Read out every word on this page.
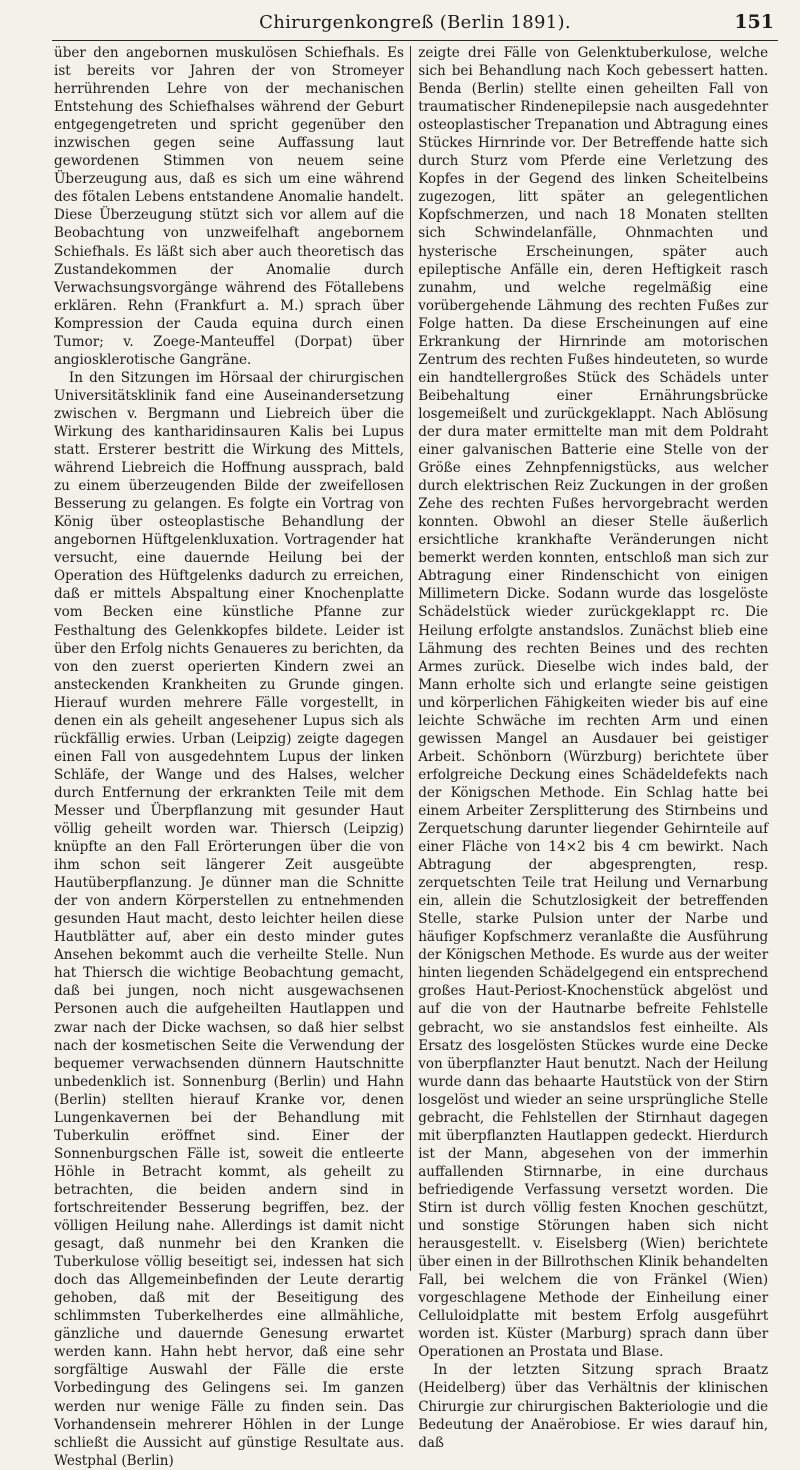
Chirurgenkongreß (Berlin 1891).	151

über den angebornen muskulösen Schiefhals. Es ist bereits vor Jahren der von Stromeyer herrührenden Lehre von der mechanischen Entstehung des Schiefhalses während der Geburt entgegengetreten und spricht gegenüber den inzwischen gegen seine Auffassung laut gewordenen Stimmen von neuem seine Überzeugung aus, daß es sich um eine während des fötalen Lebens entstandene Anomalie handelt. Diese Überzeugung stützt sich vor allem auf die Beobachtung von unzweifelhaft angebornem Schiefhals. Es läßt sich aber auch theoretisch das Zustandekommen der Anomalie durch Verwachsungsvorgänge während des Fötallebens erklären. Rehn (Frankfurt a. M.) sprach über Kompression der Cauda equina durch einen Tumor; v. Zoege-Manteuffel (Dorpat) über angiosklerotische Gangräne.

In den Sitzungen im Hörsaal der chirurgischen Universitätsklinik fand eine Auseinandersetzung zwischen v. Bergmann und Liebreich über die Wirkung des kantharidinsauren Kalis bei Lupus statt. Ersterer bestritt die Wirkung des Mittels, während Liebreich die Hoffnung aussprach, bald zu einem überzeugenden Bilde der zweifellosen Besserung zu gelangen. Es folgte ein Vortrag von König über osteoplastische Behandlung der angebornen Hüftgelenkluxation. Vortragender hat versucht, eine dauernde Heilung bei der Operation des Hüftgelenks dadurch zu erreichen, daß er mittels Abspaltung einer Knochenplatte vom Becken eine künstliche Pfanne zur Festhaltung des Gelenkkopfes bildete. Leider ist über den Erfolg nichts Genaueres zu berichten, da von den zuerst operierten Kindern zwei an ansteckenden Krankheiten zu Grunde gingen. Hierauf wurden mehrere Fälle vorgestellt, in denen ein als geheilt angesehener Lupus sich als rückfällig erwies. Urban (Leipzig) zeigte dagegen einen Fall von ausgedehntem Lupus der linken Schläfe, der Wange und des Halses, welcher durch Entfernung der erkrankten Teile mit dem Messer und Überpflanzung mit gesunder Haut völlig geheilt worden war. Thiersch (Leipzig) knüpfte an den Fall Erörterungen über die von ihm schon seit längerer Zeit ausgeübte Hautüberpflanzung. Je dünner man die Schnitte der von andern Körperstellen zu entnehmenden gesunden Haut macht, desto leichter heilen diese Hautblätter auf, aber ein desto minder gutes Ansehen bekommt auch die verheilte Stelle. Nun hat Thiersch die wichtige Beobachtung gemacht, daß bei jungen, noch nicht ausgewachsenen Personen auch die aufgeheilten Hautlappen und zwar nach der Dicke wachsen, so daß hier selbst nach der kosmetischen Seite die Verwendung der bequemer verwachsenden dünnern Hautschnitte unbedenklich ist. Sonnenburg (Berlin) und Hahn (Berlin) stellten hierauf Kranke vor, denen Lungenkavernen bei der Behandlung mit Tuberkulin eröffnet sind. Einer der Sonnenburgschen Fälle ist, soweit die entleerte Höhle in Betracht kommt, als geheilt zu betrachten, die beiden andern sind in fortschreitender Besserung begriffen, bez. der völligen Heilung nahe. Allerdings ist damit nicht gesagt, daß nunmehr bei den Kranken die Tuberkulose völlig beseitigt sei, indessen hat sich doch das Allgemeinbefinden der Leute derartig gehoben, daß mit der Beseitigung des schlimmsten Tuberkelherdes eine allmähliche, gänzliche und dauernde Genesung erwartet werden kann. Hahn hebt hervor, daß eine sehr sorgfältige Auswahl der Fälle die erste Vorbedingung des Gelingens sei. Im ganzen werden nur wenige Fälle zu finden sein. Das Vorhandensein mehrerer Höhlen in der Lunge schließt die Aussicht auf günstige Resultate aus. Westphal (Berlin)

zeigte drei Fälle von Gelenktuberkulose, welche sich bei Behandlung nach Koch gebessert hatten. Benda (Berlin) stellte einen geheilten Fall von traumatischer Rindenepilepsie nach ausgedehnter osteoplastischer Trepanation und Abtragung eines Stückes Hirnrinde vor. Der Betreffende hatte sich durch Sturz vom Pferde eine Verletzung des Kopfes in der Gegend des linken Scheitelbeins zugezogen, litt später an gelegentlichen Kopfschmerzen, und nach 18 Monaten stellten sich Schwindelanfälle, Ohnmachten und hysterische Erscheinungen, später auch epileptische Anfälle ein, deren Heftigkeit rasch zunahm, und welche regelmäßig eine vorübergehende Lähmung des rechten Fußes zur Folge hatten. Da diese Erscheinungen auf eine Erkrankung der Hirnrinde am motorischen Zentrum des rechten Fußes hindeuteten, so wurde ein handtellergroßes Stück des Schädels unter Beibehaltung einer Ernährungsbrücke losgemeißelt und zurückgeklappt. Nach Ablösung der dura mater ermittelte man mit dem Poldraht einer galvanischen Batterie eine Stelle von der Größe eines Zehnpfennigstücks, aus welcher durch elektrischen Reiz Zuckungen in der großen Zehe des rechten Fußes hervorgebracht werden konnten. Obwohl an dieser Stelle äußerlich ersichtliche krankhafte Veränderungen nicht bemerkt werden konnten, entschloß man sich zur Abtragung einer Rindenschicht von einigen Millimetern Dicke. Sodann wurde das losgelöste Schädelstück wieder zurückgeklappt rc. Die Heilung erfolgte anstandslos. Zunächst blieb eine Lähmung des rechten Beines und des rechten Armes zurück. Dieselbe wich indes bald, der Mann erholte sich und erlangte seine geistigen und körperlichen Fähigkeiten wieder bis auf eine leichte Schwäche im rechten Arm und einen gewissen Mangel an Ausdauer bei geistiger Arbeit. Schönborn (Würzburg) berichtete über erfolgreiche Deckung eines Schädeldefekts nach der Königschen Methode. Ein Schlag hatte bei einem Arbeiter Zersplitterung des Stirnbeins und Zerquetschung darunter liegender Gehirnteile auf einer Fläche von 14×2 bis 4 cm bewirkt. Nach Abtragung der abgesprengten, resp. zerquetschten Teile trat Heilung und Vernarbung ein, allein die Schutzlosigkeit der betreffenden Stelle, starke Pulsion unter der Narbe und häufiger Kopfschmerz veranlaßte die Ausführung der Königschen Methode. Es wurde aus der weiter hinten liegenden Schädelgegend ein entsprechend großes Haut-Periost-Knochenstück abgelöst und auf die von der Hautnarbe befreite Fehlstelle gebracht, wo sie anstandslos fest einheilte. Als Ersatz des losgelösten Stückes wurde eine Decke von überpflanzter Haut benutzt. Nach der Heilung wurde dann das behaarte Hautstück von der Stirn losgelöst und wieder an seine ursprüngliche Stelle gebracht, die Fehlstellen der Stirnhaut dagegen mit überpflanzten Hautlappen gedeckt. Hierdurch ist der Mann, abgesehen von der immerhin auffallenden Stirnnarbe, in eine durchaus befriedigende Verfassung versetzt worden. Die Stirn ist durch völlig festen Knochen geschützt, und sonstige Störungen haben sich nicht herausgestellt. v. Eiselsberg (Wien) berichtete über einen in der Billrothschen Klinik behandelten Fall, bei welchem die von Fränkel (Wien) vorgeschlagene Methode der Einheilung einer Celluloidplatte mit bestem Erfolg ausgeführt worden ist. Küster (Marburg) sprach dann über Operationen an Prostata und Blase.

In der letzten Sitzung sprach Braatz (Heidelberg) über das Verhältnis der klinischen Chirurgie zur chirurgischen Bakteriologie und die Bedeutung der Anaërobiose. Er wies darauf hin, daß
